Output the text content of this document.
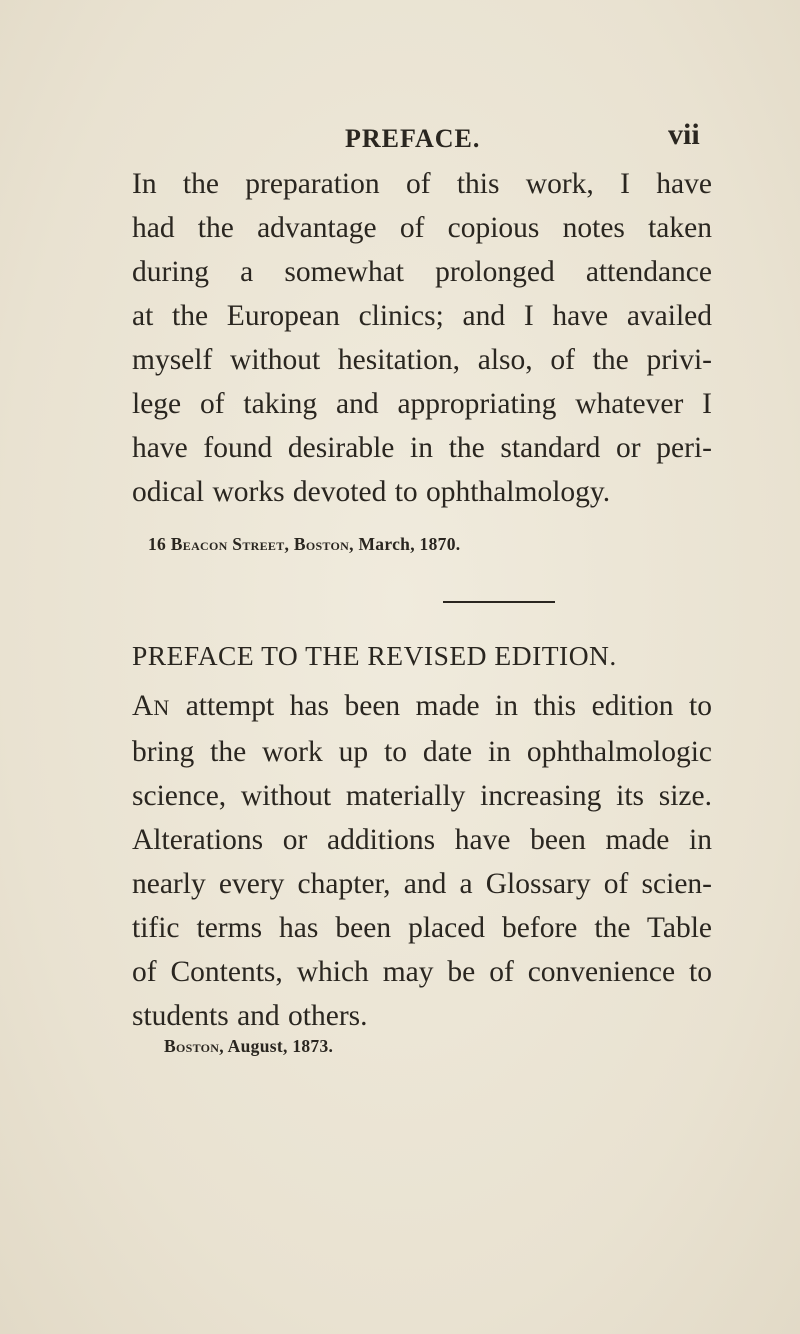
PREFACE.	vii
In the preparation of this work, I have
had the advantage of copious notes taken
during a somewhat prolonged attendance
at the European clinics; and I have availed
myself without hesitation, also, of the privi-
lege of taking and appropriating whatever I
have found desirable in the standard or peri-
odical works devoted to ophthalmology.
16 Beacon Street, Boston, March, 1870.
PREFACE TO THE REVISED EDITION.
AN attempt has been made in this edition to
bring the work up to date in ophthalmologic
science, without materially increasing its size.
Alterations or additions have been made in
nearly every chapter, and a Glossary of scien-
tific terms has been placed before the Table
of Contents, which may be of convenience to
students and others.
Boston, August, 1873.
